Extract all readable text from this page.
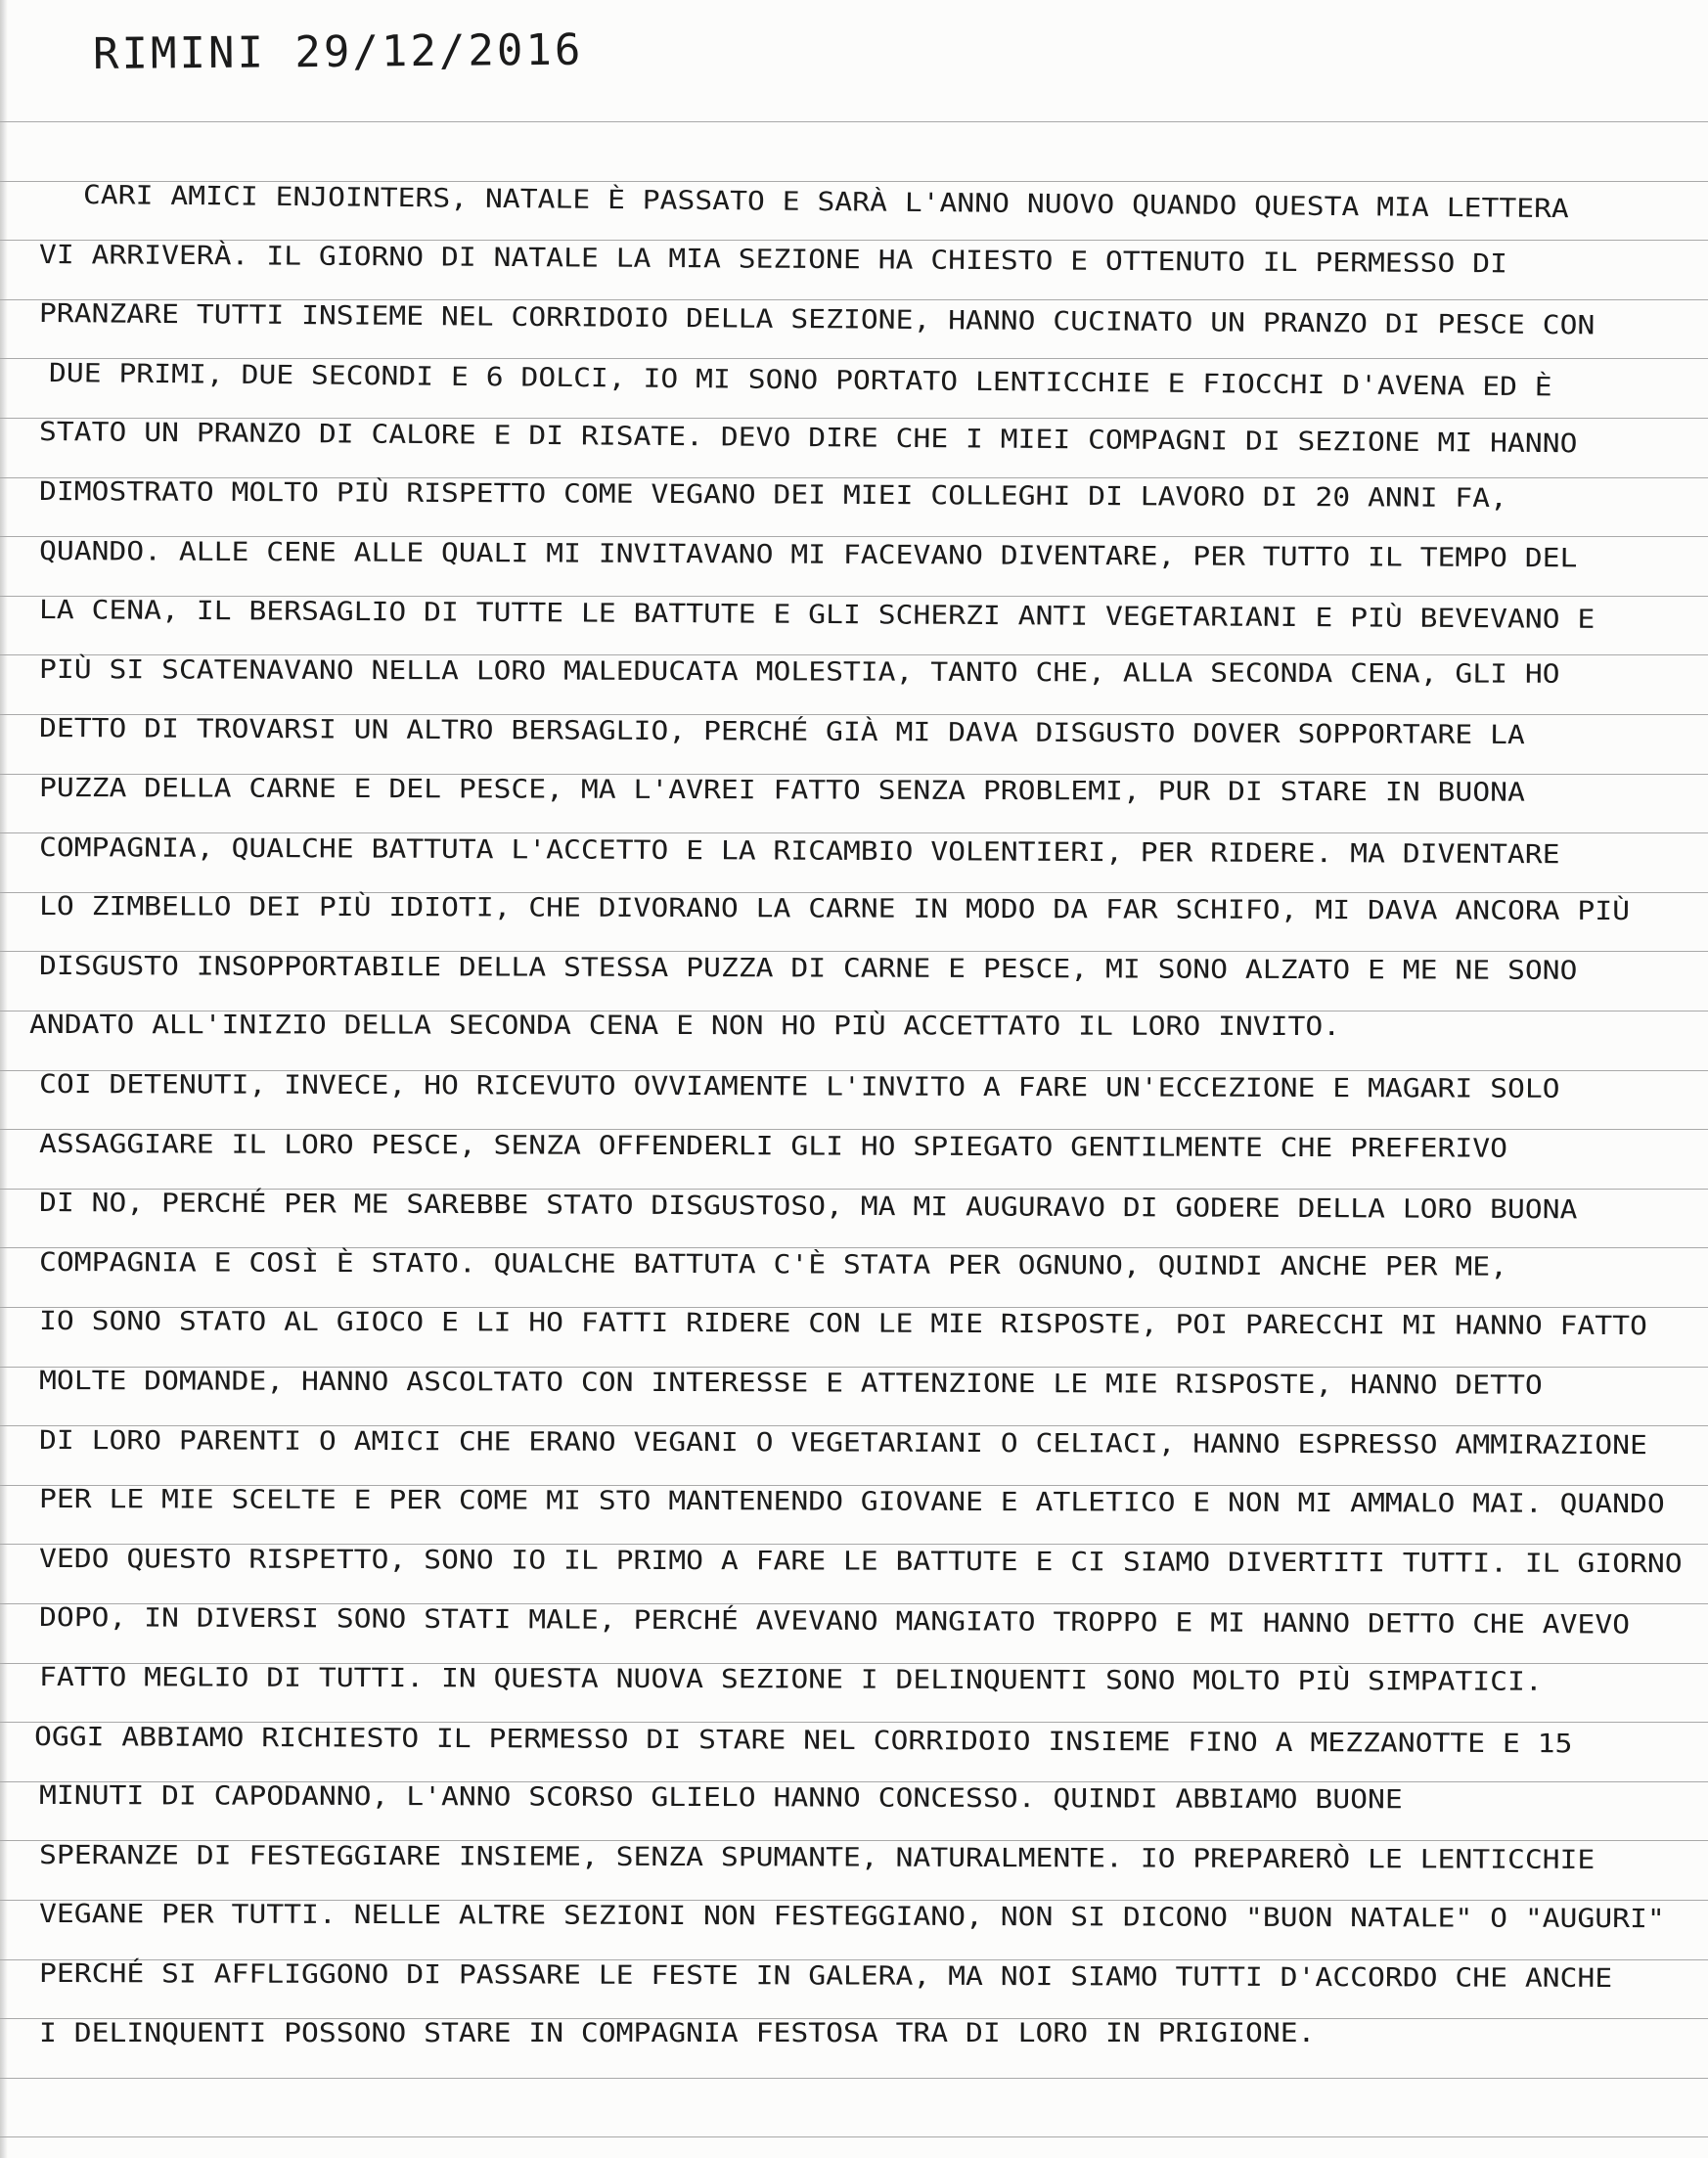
RIMINI 29/12/2016
CARI AMICI ENJOINTERS, NATALE È PASSATO E SARÀ L'ANNO NUOVO QUANDO QUESTA MIA LETTERA
VI ARRIVERÀ. IL GIORNO DI NATALE LA MIA SEZIONE HA CHIESTO E OTTENUTO IL PERMESSO DI
PRANZARE TUTTI INSIEME NEL CORRIDOIO DELLA SEZIONE, HANNO CUCINATO UN PRANZO DI PESCE CON
DUE PRIMI, DUE SECONDI E 6 DOLCI, IO MI SONO PORTATO LENTICCHIE E FIOCCHI D'AVENA ED È
STATO UN PRANZO DI CALORE E DI RISATE. DEVO DIRE CHE I MIEI COMPAGNI DI SEZIONE MI HANNO
DIMOSTRATO MOLTO PIÙ RISPETTO COME VEGANO DEI MIEI COLLEGHI DI LAVORO DI 20 ANNI FA,
QUANDO. ALLE CENE ALLE QUALI MI INVITAVANO MI FACEVANO DIVENTARE, PER TUTTO IL TEMPO DEL
LA CENA, IL BERSAGLIO DI TUTTE LE BATTUTE E GLI SCHERZI ANTI VEGETARIANI E PIÙ BEVEVANO E
PIÙ SI SCATENAVANO NELLA LORO MALEDUCATA MOLESTIA, TANTO CHE, ALLA SECONDA CENA, GLI HO
DETTO DI TROVARSI UN ALTRO BERSAGLIO, PERCHÉ GIÀ MI DAVA DISGUSTO DOVER SOPPORTARE LA
PUZZA DELLA CARNE E DEL PESCE, MA L'AVREI FATTO SENZA PROBLEMI, PUR DI STARE IN BUONA
COMPAGNIA, QUALCHE BATTUTA L'ACCETTO E LA RICAMBIO VOLENTIERI, PER RIDERE. MA DIVENTARE
LO ZIMBELLO DEI PIÙ IDIOTI, CHE DIVORANO LA CARNE IN MODO DA FAR SCHIFO, MI DAVA ANCORA PIÙ
DISGUSTO INSOPPORTABILE DELLA STESSA PUZZA DI CARNE E PESCE, MI SONO ALZATO E ME NE SONO
ANDATO ALL'INIZIO DELLA SECONDA CENA E NON HO PIÙ ACCETTATO IL LORO INVITO.
COI DETENUTI, INVECE, HO RICEVUTO OVVIAMENTE L'INVITO A FARE UN'ECCEZIONE E MAGARI SOLO
ASSAGGIARE IL LORO PESCE, SENZA OFFENDERLI GLI HO SPIEGATO GENTILMENTE CHE PREFERIVO
DI NO, PERCHÉ PER ME SAREBBE STATO DISGUSTOSO, MA MI AUGURAVO DI GODERE DELLA LORO BUONA
COMPAGNIA E COSÌ È STATO. QUALCHE BATTUTA C'È STATA PER OGNUNO, QUINDI ANCHE PER ME,
IO SONO STATO AL GIOCO E LI HO FATTI RIDERE CON LE MIE RISPOSTE, POI PARECCHI MI HANNO FATTO
MOLTE DOMANDE, HANNO ASCOLTATO CON INTERESSE E ATTENZIONE LE MIE RISPOSTE, HANNO DETTO
DI LORO PARENTI O AMICI CHE ERANO VEGANI O VEGETARIANI O CELIACI, HANNO ESPRESSO AMMIRAZIONE
PER LE MIE SCELTE E PER COME MI STO MANTENENDO GIOVANE E ATLETICO E NON MI AMMALO MAI. QUANDO
VEDO QUESTO RISPETTO, SONO IO IL PRIMO A FARE LE BATTUTE E CI SIAMO DIVERTITI TUTTI. IL GIORNO
DOPO, IN DIVERSI SONO STATI MALE, PERCHÉ AVEVANO MANGIATO TROPPO E MI HANNO DETTO CHE AVEVO
FATTO MEGLIO DI TUTTI. IN QUESTA NUOVA SEZIONE I DELINQUENTI SONO MOLTO PIÙ SIMPATICI.
OGGI ABBIAMO RICHIESTO IL PERMESSO DI STARE NEL CORRIDOIO INSIEME FINO A MEZZANOTTE E 15
MINUTI DI CAPODANNO, L'ANNO SCORSO GLIELO HANNO CONCESSO. QUINDI ABBIAMO BUONE
SPERANZE DI FESTEGGIARE INSIEME, SENZA SPUMANTE, NATURALMENTE. IO PREPARERÒ LE LENTICCHIE
VEGANE PER TUTTI. NELLE ALTRE SEZIONI NON FESTEGGIANO, NON SI DICONO "BUON NATALE" O "AUGURI"
PERCHÉ SI AFFLIGGONO DI PASSARE LE FESTE IN GALERA, MA NOI SIAMO TUTTI D'ACCORDO CHE ANCHE
I DELINQUENTI POSSONO STARE IN COMPAGNIA FESTOSA TRA DI LORO IN PRIGIONE.
